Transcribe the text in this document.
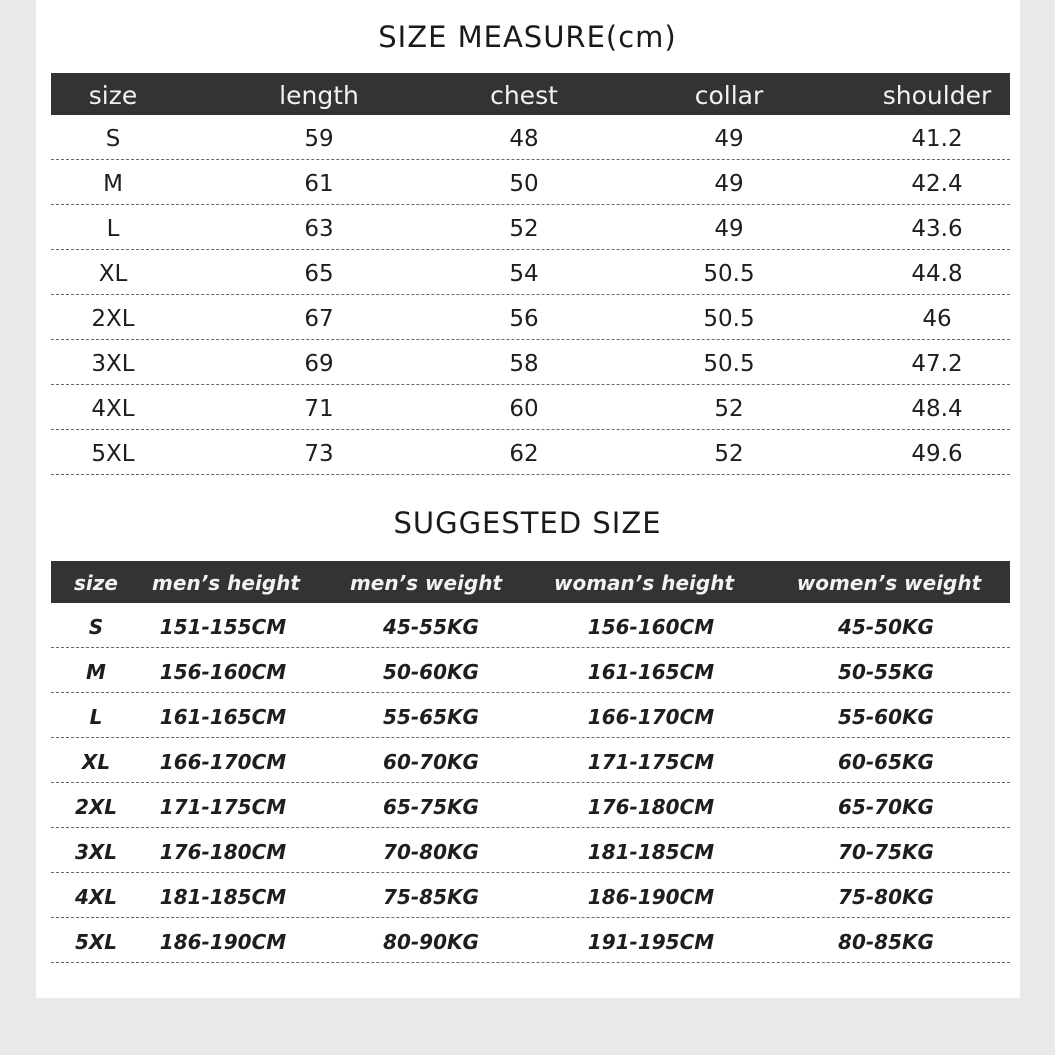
SIZE MEASURE(cm)
size	length	chest	collar	shoulder
S	59	48	49	41.2
M	61	50	49	42.4
L	63	52	49	43.6
XL	65	54	50.5	44.8
2XL	67	56	50.5	46
3XL	69	58	50.5	47.2
4XL	71	60	52	48.4
5XL	73	62	52	49.6
SUGGESTED SIZE
size	men’s height	men’s weight	woman’s height	women’s weight
S	151-155CM	45-55KG	156-160CM	45-50KG
M	156-160CM	50-60KG	161-165CM	50-55KG
L	161-165CM	55-65KG	166-170CM	55-60KG
XL	166-170CM	60-70KG	171-175CM	60-65KG
2XL	171-175CM	65-75KG	176-180CM	65-70KG
3XL	176-180CM	70-80KG	181-185CM	70-75KG
4XL	181-185CM	75-85KG	186-190CM	75-80KG
5XL	186-190CM	80-90KG	191-195CM	80-85KG
